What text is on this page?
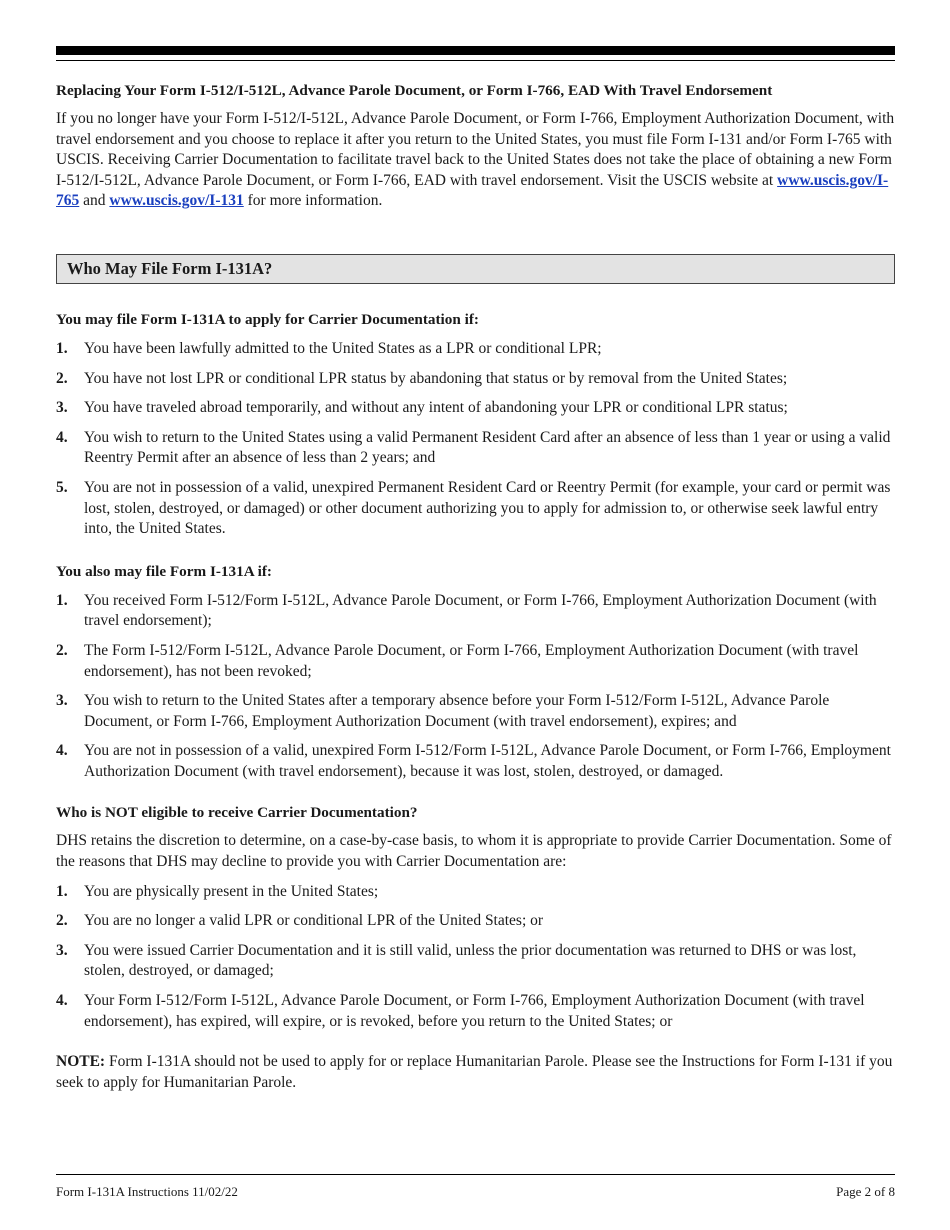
Replacing Your Form I-512/I-512L, Advance Parole Document, or Form I-766, EAD With Travel Endorsement
If you no longer have your Form I-512/I-512L, Advance Parole Document, or Form I-766, Employment Authorization Document, with travel endorsement and you choose to replace it after you return to the United States, you must file Form I-131 and/or Form I-765 with USCIS. Receiving Carrier Documentation to facilitate travel back to the United States does not take the place of obtaining a new Form I-512/I-512L, Advance Parole Document, or Form I-766, EAD with travel endorsement. Visit the USCIS website at www.uscis.gov/I-765 and www.uscis.gov/I-131 for more information.
Who May File Form I-131A?
You may file Form I-131A to apply for Carrier Documentation if:
1.	You have been lawfully admitted to the United States as a LPR or conditional LPR;
2.	You have not lost LPR or conditional LPR status by abandoning that status or by removal from the United States;
3.	You have traveled abroad temporarily, and without any intent of abandoning your LPR or conditional LPR status;
4.	You wish to return to the United States using a valid Permanent Resident Card after an absence of less than 1 year or using a valid Reentry Permit after an absence of less than 2 years; and
5.	You are not in possession of a valid, unexpired Permanent Resident Card or Reentry Permit (for example, your card or permit was lost, stolen, destroyed, or damaged) or other document authorizing you to apply for admission to, or otherwise seek lawful entry into, the United States.
You also may file Form I-131A if:
1.	You received Form I-512/Form I-512L, Advance Parole Document, or Form I-766, Employment Authorization Document (with travel endorsement);
2.	The Form I-512/Form I-512L, Advance Parole Document, or Form I-766, Employment Authorization Document (with travel endorsement), has not been revoked;
3.	You wish to return to the United States after a temporary absence before your Form I-512/Form I-512L, Advance Parole Document, or Form I-766, Employment Authorization Document (with travel endorsement), expires; and
4.	You are not in possession of a valid, unexpired Form I-512/Form I-512L, Advance Parole Document, or Form I-766, Employment Authorization Document (with travel endorsement), because it was lost, stolen, destroyed, or damaged.
Who is NOT eligible to receive Carrier Documentation?
DHS retains the discretion to determine, on a case-by-case basis, to whom it is appropriate to provide Carrier Documentation. Some of the reasons that DHS may decline to provide you with Carrier Documentation are:
1.	You are physically present in the United States;
2.	You are no longer a valid LPR or conditional LPR of the United States; or
3.	You were issued Carrier Documentation and it is still valid, unless the prior documentation was returned to DHS or was lost, stolen, destroyed, or damaged;
4.	Your Form I-512/Form I-512L, Advance Parole Document, or Form I-766, Employment Authorization Document (with travel endorsement), has expired, will expire, or is revoked, before you return to the United States; or
NOTE: Form I-131A should not be used to apply for or replace Humanitarian Parole. Please see the Instructions for Form I-131 if you seek to apply for Humanitarian Parole.
Form I-131A Instructions 11/02/22	Page 2 of 8
